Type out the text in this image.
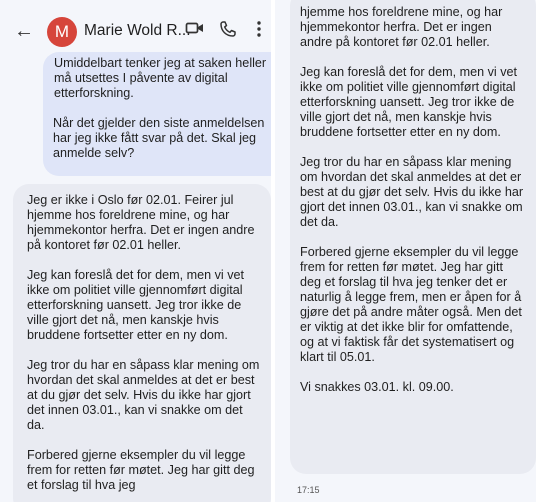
←	M Marie Wold R...

Umiddelbart tenker jeg at saken heller må utsettes I påvente av digital etterforskning.

Når det gjelder den siste anmeldelsen har jeg ikke fått svar på det. Skal jeg anmelde selv?

Jeg er ikke i Oslo før 02.01. Feirer jul hjemme hos foreldrene mine, og har hjemmekontor herfra. Det er ingen andre på kontoret før 02.01 heller.

Jeg kan foreslå det for dem, men vi vet ikke om politiet ville gjennomført digital etterforskning uansett. Jeg tror ikke de ville gjort det nå, men kanskje hvis bruddene fortsetter etter en ny dom.

Jeg tror du har en såpass klar mening om hvordan det skal anmeldes at det er best at du gjør det selv. Hvis du ikke har gjort det innen 03.01., kan vi snakke om det da.

Forbered gjerne eksempler du vil legge frem for retten før møtet. Jeg har gitt deg et forslag til hva jeg

hjemme hos foreldrene mine, og har hjemmekontor herfra. Det er ingen andre på kontoret før 02.01 heller.

Jeg kan foreslå det for dem, men vi vet ikke om politiet ville gjennomført digital etterforskning uansett. Jeg tror ikke de ville gjort det nå, men kanskje hvis bruddene fortsetter etter en ny dom.

Jeg tror du har en såpass klar mening om hvordan det skal anmeldes at det er best at du gjør det selv. Hvis du ikke har gjort det innen 03.01., kan vi snakke om det da.

Forbered gjerne eksempler du vil legge frem for retten før møtet. Jeg har gitt deg et forslag til hva jeg tenker det er naturlig å legge frem, men er åpen for å gjøre det på andre måter også. Men det er viktig at det ikke blir for omfattende, og at vi faktisk får det systematisert og klart til 05.01.

Vi snakkes 03.01. kl. 09.00.

17:15
